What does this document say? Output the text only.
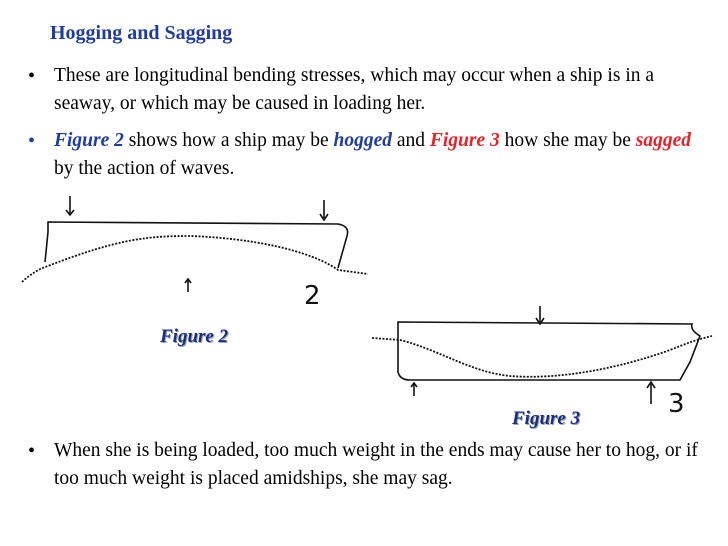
Hogging and Sagging
• These are longitudinal bending stresses, which may occur when a ship is in a seaway, or which may be caused in loading her.
• Figure 2 shows how a ship may be hogged and Figure 3 how she may be sagged by the action of waves.
2
3
Figure 2
Figure 3
• When she is being loaded, too much weight in the ends may cause her to hog, or if too much weight is placed amidships, she may sag.
